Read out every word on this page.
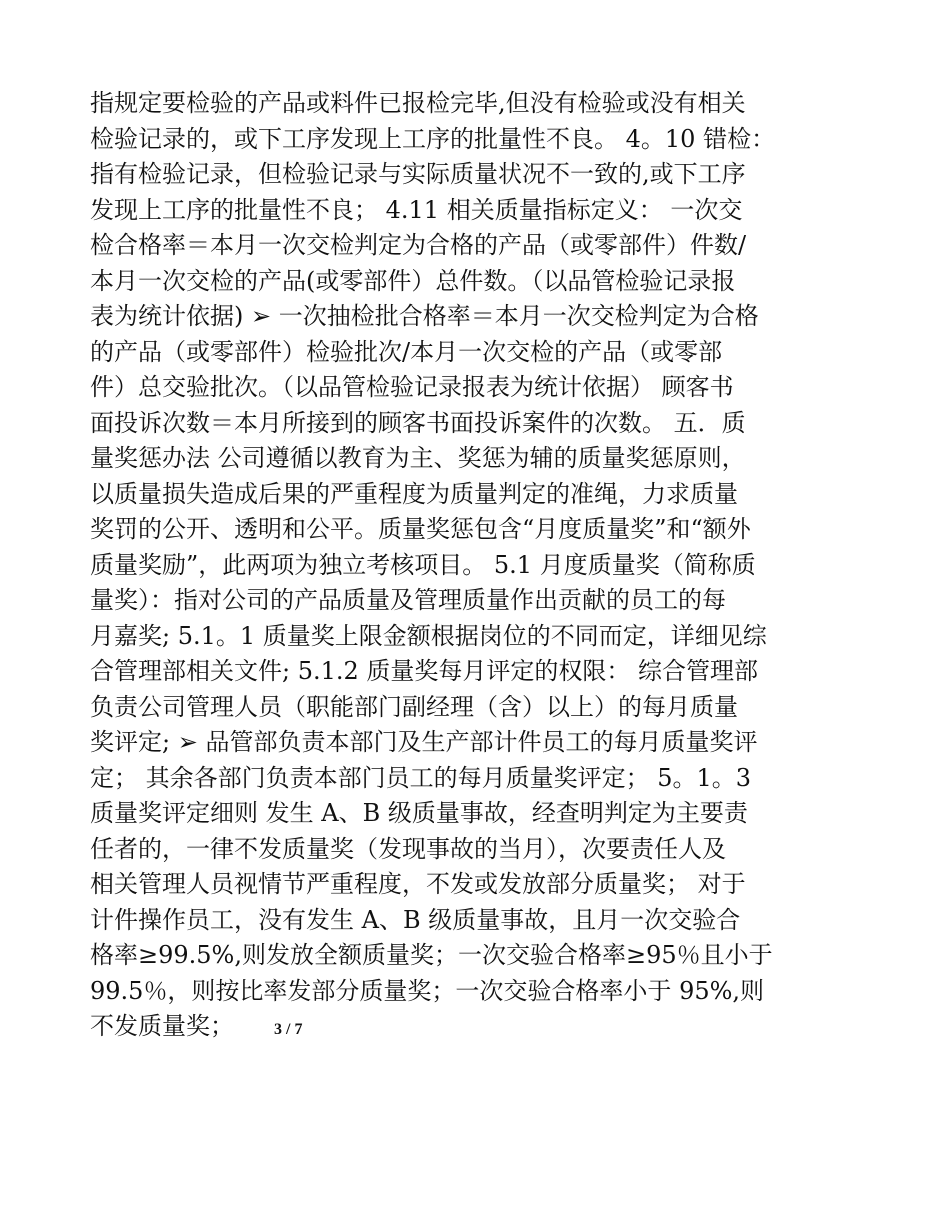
指规定要检验的产品或料件已报检完毕,但没有检验或没有相关
检验记录的，或下工序发现上工序的批量性不良。 4。10 错检：
指有检验记录，但检验记录与实际质量状况不一致的,或下工序
发现上工序的批量性不良； 4.11 相关质量指标定义： 一次交
检合格率＝本月一次交检判定为合格的产品（或零部件）件数/
本月一次交检的产品(或零部件）总件数。（以品管检验记录报
表为统计依据) ➢ 一次抽检批合格率＝本月一次交检判定为合格
的产品（或零部件）检验批次/本月一次交检的产品（或零部
件）总交验批次。（以品管检验记录报表为统计依据） 顾客书
面投诉次数＝本月所接到的顾客书面投诉案件的次数。 五．质
量奖惩办法 公司遵循以教育为主、奖惩为辅的质量奖惩原则，
以质量损失造成后果的严重程度为质量判定的准绳，力求质量
奖罚的公开、透明和公平。质量奖惩包含“月度质量奖”和“额外
质量奖励”，此两项为独立考核项目。 5.1 月度质量奖（简称质
量奖）：指对公司的产品质量及管理质量作出贡献的员工的每
月嘉奖; 5.1。1 质量奖上限金额根据岗位的不同而定，详细见综
合管理部相关文件; 5.1.2 质量奖每月评定的权限： 综合管理部
负责公司管理人员（职能部门副经理（含）以上）的每月质量
奖评定; ➢ 品管部负责本部门及生产部计件员工的每月质量奖评
定； 其余各部门负责本部门员工的每月质量奖评定； 5。1。3
质量奖评定细则 发生 A、B 级质量事故，经查明判定为主要责
任者的，一律不发质量奖（发现事故的当月），次要责任人及
相关管理人员视情节严重程度，不发或发放部分质量奖； 对于
计件操作员工，没有发生 A、B 级质量事故，且月一次交验合
格率≥99.5%,则发放全额质量奖；一次交验合格率≥95％且小于
99.5％，则按比率发部分质量奖；一次交验合格率小于 95%,则
不发质量奖；	3 / 7
